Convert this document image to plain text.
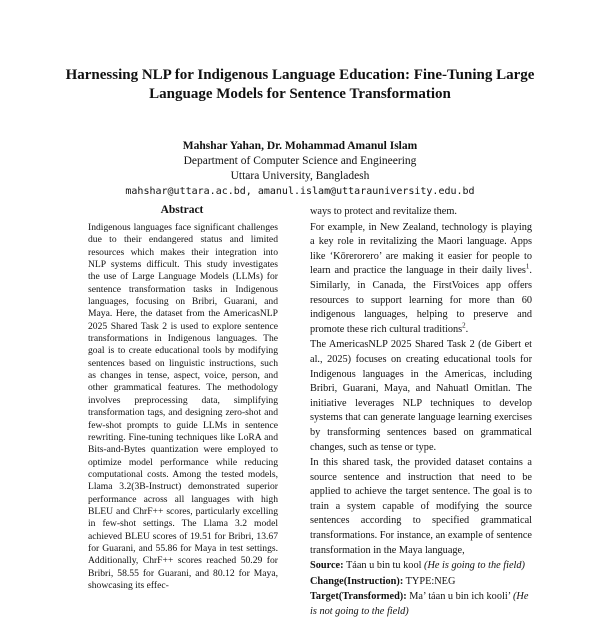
Harnessing NLP for Indigenous Language Education: Fine-Tuning Large Language Models for Sentence Transformation
Mahshar Yahan, Dr. Mohammad Amanul Islam
Department of Computer Science and Engineering
Uttara University, Bangladesh
mahshar@uttara.ac.bd, amanul.islam@uttarauniversity.edu.bd
Abstract

Indigenous languages face significant challenges due to their endangered status and limited resources which makes their integration into NLP systems difficult. This study investigates the use of Large Language Models (LLMs) for sentence transformation tasks in Indigenous languages, focusing on Bribri, Guarani, and Maya. Here, the dataset from the AmericasNLP 2025 Shared Task 2 is used to explore sentence transformations in Indigenous languages. The goal is to create educational tools by modifying sentences based on linguistic instructions, such as changes in tense, aspect, voice, person, and other grammatical features. The methodology involves preprocessing data, simplifying transformation tags, and designing zero-shot and few-shot prompts to guide LLMs in sentence rewriting. Fine-tuning techniques like LoRA and Bits-and-Bytes quantization were employed to optimize model performance while reducing computational costs. Among the tested models, Llama 3.2(3B-Instruct) demonstrated superior performance across all languages with high BLEU and ChrF++ scores, particularly excelling in few-shot settings. The Llama 3.2 model achieved BLEU scores of 19.51 for Bribri, 13.67 for Guarani, and 55.86 for Maya in test settings. Additionally, ChrF++ scores reached 50.29 for Bribri, 58.55 for Guarani, and 80.12 for Maya, showcasing its effec-

ways to protect and revitalize them.

For example, in New Zealand, technology is playing a key role in revitalizing the Maori language. Apps like ‘Kōrerorero’ are making it easier for people to learn and practice the language in their daily lives$^1$. Similarly, in Canada, the FirstVoices app offers resources to support learning for more than 60 indigenous languages, helping to preserve and promote these rich cultural traditions$^2$.

The AmericasNLP 2025 Shared Task 2 (de Gibert et al., 2025) focuses on creating educational tools for Indigenous languages in the Americas, including Bribri, Guarani, Maya, and Nahuatl Omitlan. The initiative leverages NLP techniques to develop systems that can generate language learning exercises by transforming sentences based on grammatical changes, such as tense or type.

In this shared task, the provided dataset contains a source sentence and instruction that need to be applied to achieve the target sentence. The goal is to train a system capable of modifying the source sentences according to specified grammatical transformations. For instance, an example of sentence transformation in the Maya language,

Source: Táan u bin tu kool (He is going to the field)

Change(Instruction): TYPE:NEG

Target(Transformed): Ma’ táan u bin ich kooli’ (He is not going to the field)
